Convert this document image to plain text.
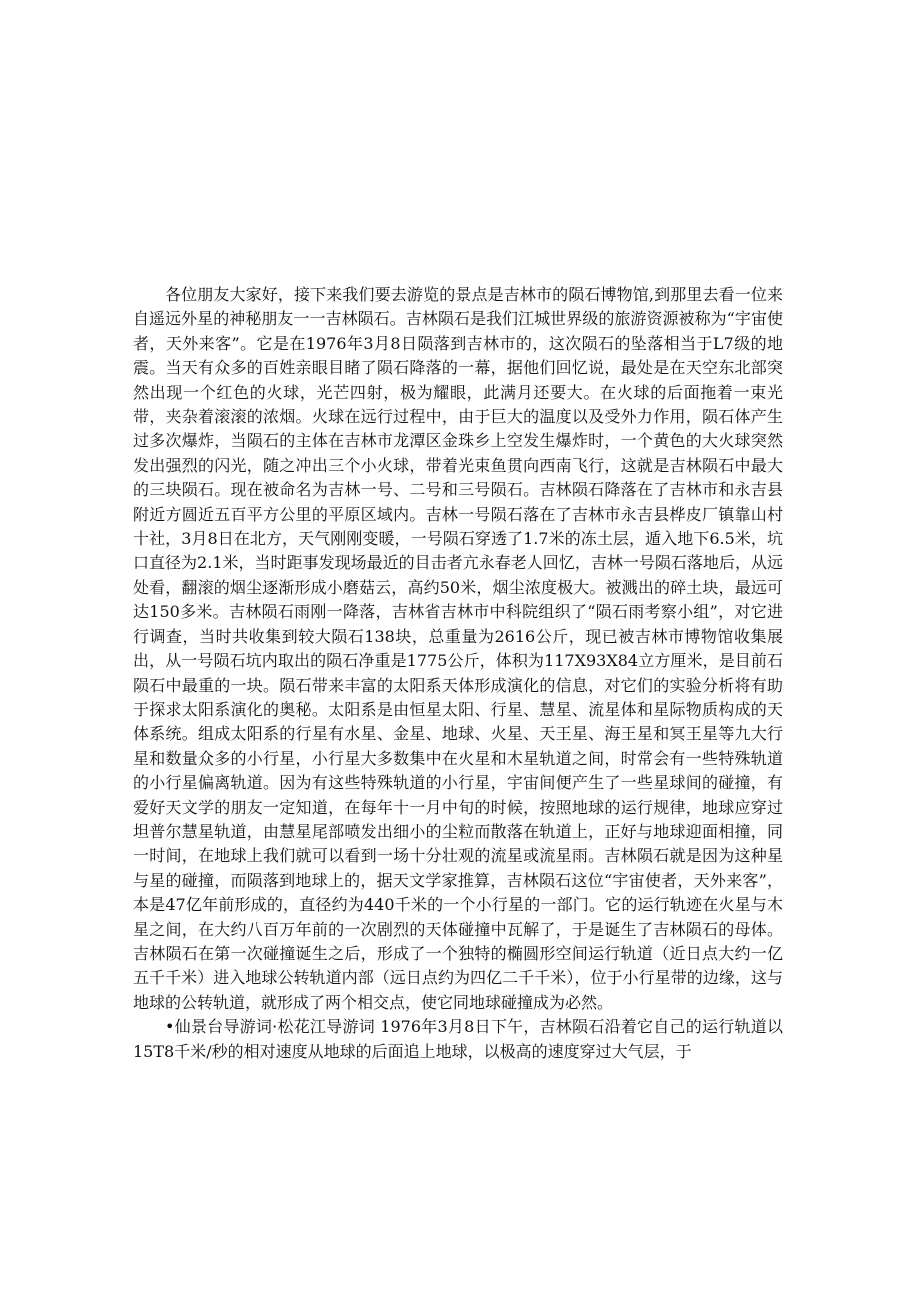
各位朋友大家好，接下来我们要去游览的景点是吉林市的陨石博物馆,到那里去看一位来自遥远外星的神秘朋友一一吉林陨石。吉林陨石是我们江城世界级的旅游资源被称为“宇宙使者，天外来客”。它是在1976年3月8日陨落到吉林市的，这次陨石的坠落相当于L7级的地震。当天有众多的百姓亲眼目睹了陨石降落的一幕，据他们回忆说，最处是在天空东北部突然出现一个红色的火球，光芒四射，极为耀眼，此满月还要大。在火球的后面拖着一束光带，夹杂着滚滚的浓烟。火球在远行过程中，由于巨大的温度以及受外力作用，陨石体产生过多次爆炸，当陨石的主体在吉林市龙潭区金珠乡上空发生爆炸时，一个黄色的大火球突然发出强烈的闪光，随之冲出三个小火球，带着光束鱼贯向西南飞行，这就是吉林陨石中最大的三块陨石。现在被命名为吉林一号、二号和三号陨石。吉林陨石降落在了吉林市和永吉县附近方圆近五百平方公里的平原区域内。吉林一号陨石落在了吉林市永吉县桦皮厂镇靠山村十社，3月8日在北方，天气刚刚变暖，一号陨石穿透了1.7米的冻土层，遁入地下6.5米，坑口直径为2.1米，当时距事发现场最近的目击者亢永春老人回忆，吉林一号陨石落地后，从远处看，翻滚的烟尘逐渐形成小磨菇云，高约50米，烟尘浓度极大。被溅出的碎土块，最远可达150多米。吉林陨石雨刚一降落，吉林省吉林市中科院组织了“陨石雨考察小组”，对它进行调查，当时共收集到较大陨石138块，总重量为2616公斤，现已被吉林市博物馆收集展出，从一号陨石坑内取出的陨石净重是1775公斤，体积为117X93X84立方厘米，是目前石陨石中最重的一块。陨石带来丰富的太阳系天体形成演化的信息，对它们的实验分析将有助于探求太阳系演化的奥秘。太阳系是由恒星太阳、行星、慧星、流星体和星际物质构成的天体系统。组成太阳系的行星有水星、金星、地球、火星、天王星、海王星和冥王星等九大行星和数量众多的小行星，小行星大多数集中在火星和木星轨道之间，时常会有一些特殊轨道的小行星偏离轨道。因为有这些特殊轨道的小行星，宇宙间便产生了一些星球间的碰撞，有爱好天文学的朋友一定知道，在每年十一月中旬的时候，按照地球的运行规律，地球应穿过坦普尔慧星轨道，由慧星尾部喷发出细小的尘粒而散落在轨道上，正好与地球迎面相撞，同一时间，在地球上我们就可以看到一场十分壮观的流星或流星雨。吉林陨石就是因为这种星与星的碰撞，而陨落到地球上的，据天文学家推算，吉林陨石这位“宇宙使者，天外来客”，本是47亿年前形成的，直径约为440千米的一个小行星的一部门。它的运行轨迹在火星与木星之间，在大约八百万年前的一次剧烈的天体碰撞中瓦解了，于是诞生了吉林陨石的母体。吉林陨石在第一次碰撞诞生之后，形成了一个独特的椭圆形空间运行轨道（近日点大约一亿五千千米）进入地球公转轨道内部（远日点约为四亿二千千米），位于小行星带的边缘，这与地球的公转轨道，就形成了两个相交点，使它同地球碰撞成为必然。

•仙景台导游词·松花江导游词 1976年3月8日下午，吉林陨石沿着它自己的运行轨道以15T8千米/秒的相对速度从地球的后面追上地球，以极高的速度穿过大气层，于
